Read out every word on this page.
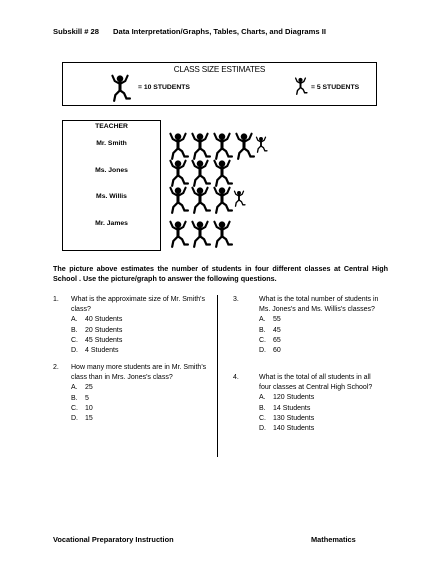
Subskill # 28 Data Interpretation/Graphs, Tables, Charts, and Diagrams II
CLASS SIZE ESTIMATES
= 10 STUDENTS	= 5 STUDENTS
TEACHER
Mr. Smith
Ms. Jones
Ms. Willis
Mr. James
The picture above estimates the number of students in four different classes at Central High School . Use the picture/graph to answer the following questions.
1.	What is the approximate size of Mr. Smith's class?
A.	40 Students
B.	20 Students
C.	45 Students
D.	4 Students
2.	How many more students are in Mr. Smith's class than in Mrs. Jones's class?
A.	25
B.	5
C.	10
D.	15
3.	What is the total number of students in Ms. Jones's and Ms. Willis's classes?
A.	55
B.	45
C.	65
D.	60
4.	What is the total of all students in all four classes at Central High School?
A.	120 Students
B.	14 Students
C.	130 Students
D.	140 Students
Vocational Preparatory Instruction	Mathematics
